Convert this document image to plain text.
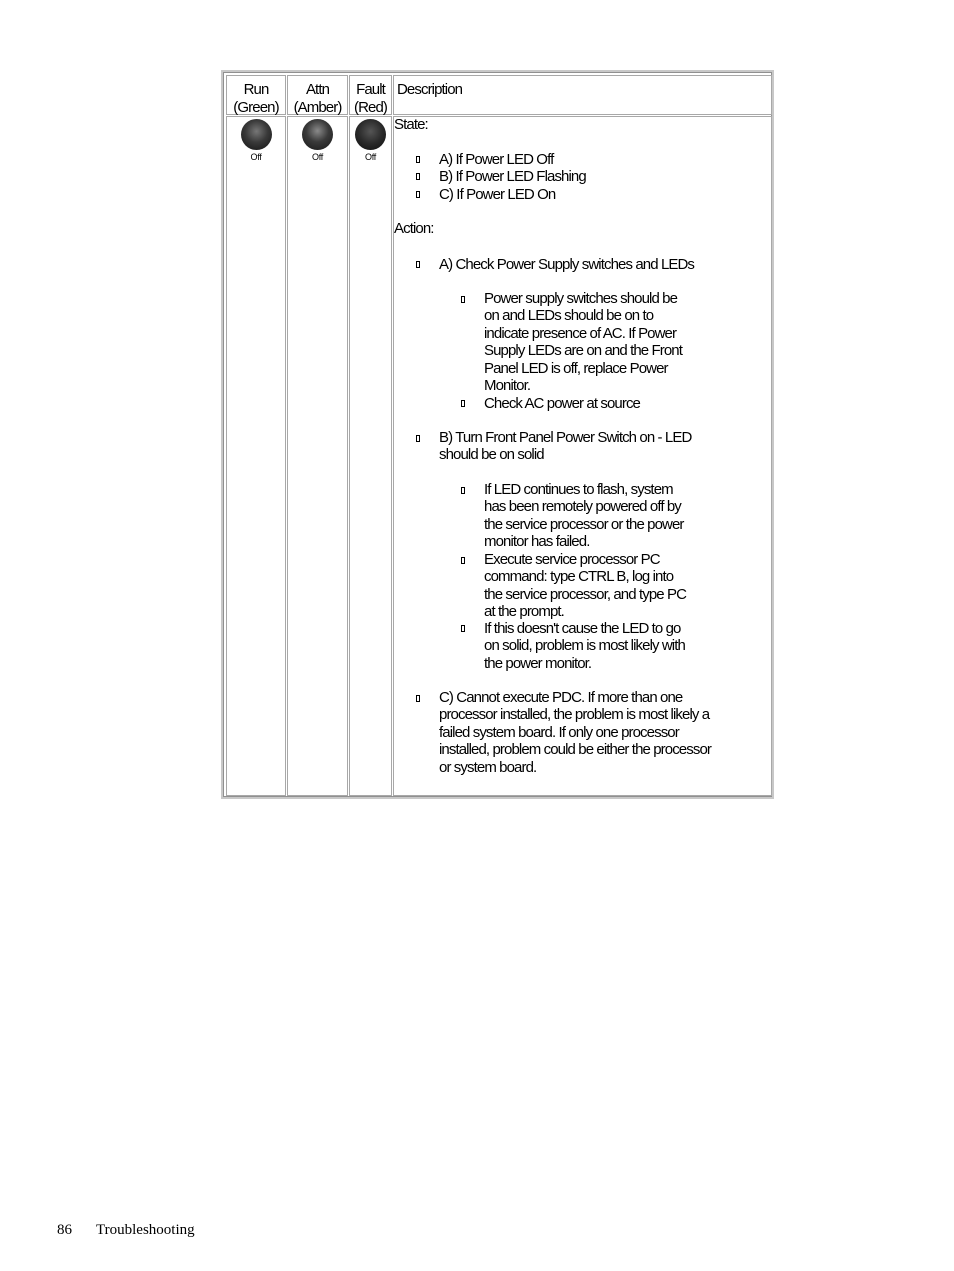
Run
(Green)
Attn
(Amber)
Fault
(Red)
Description
Off	Off	Off
State:
A) If Power LED Off
B) If Power LED Flashing
C) If Power LED On
Action:
A) Check Power Supply switches and LEDs
Power supply switches should be
on and LEDs should be on to
indicate presence of AC. If Power
Supply LEDs are on and the Front
Panel LED is off, replace Power
Monitor.
Check AC power at source
B) Turn Front Panel Power Switch on - LED
should be on solid
If LED continues to flash, system
has been remotely powered off by
the service processor or the power
monitor has failed.
Execute service processor PC
command: type CTRL B, log into
the service processor, and type PC
at the prompt.
If this doesn't cause the LED to go
on solid, problem is most likely with
the power monitor.
C) Cannot execute PDC. If more than one
processor installed, the problem is most likely a
failed system board. If only one processor
installed, problem could be either the processor
or system board.
86 Troubleshooting
